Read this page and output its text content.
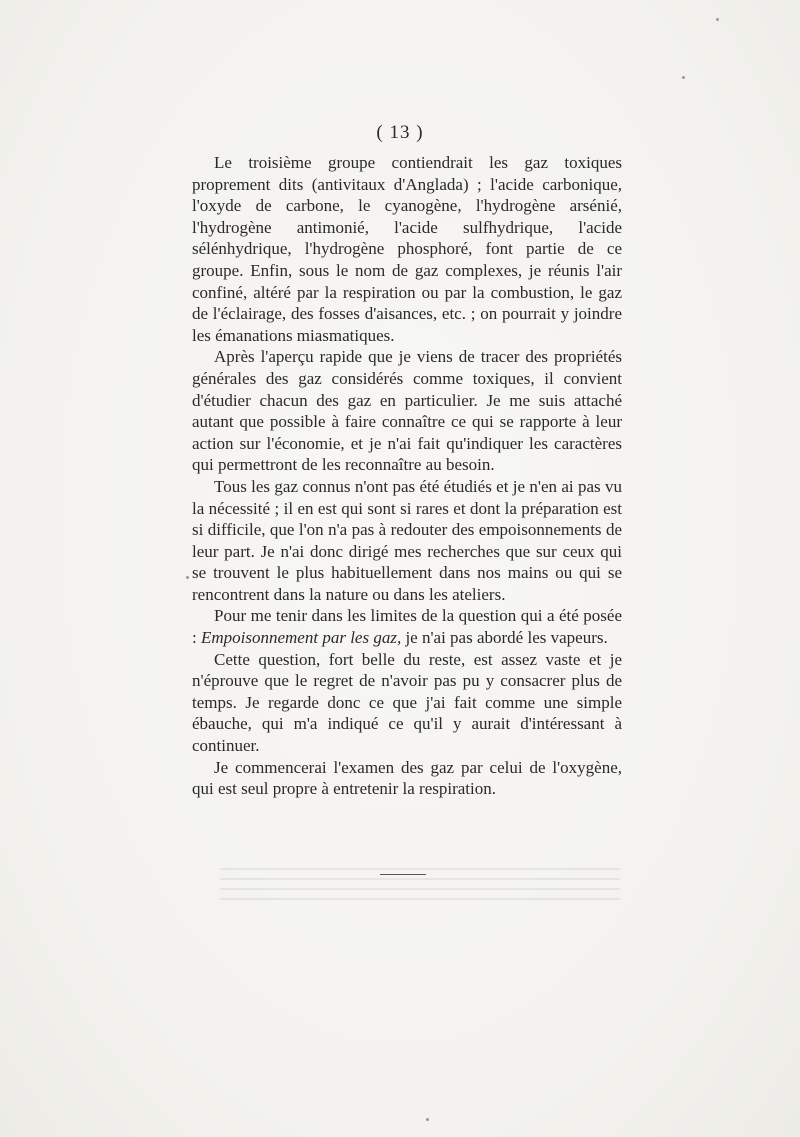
( 13 )

Le troisième groupe contiendrait les gaz toxiques proprement dits (antivitaux d'Anglada) ; l'acide carbonique, l'oxyde de carbone, le cyanogène, l'hydrogène arsénié, l'hydrogène antimonié, l'acide sulfhydrique, l'acide sélénhydrique, l'hydrogène phosphoré, font partie de ce groupe. Enfin, sous le nom de gaz complexes, je réunis l'air confiné, altéré par la respiration ou par la combustion, le gaz de l'éclairage, des fosses d'aisances, etc. ; on pourrait y joindre les émanations miasmatiques.

Après l'aperçu rapide que je viens de tracer des propriétés générales des gaz considérés comme toxiques, il convient d'étudier chacun des gaz en particulier. Je me suis attaché autant que possible à faire connaître ce qui se rapporte à leur action sur l'économie, et je n'ai fait qu'indiquer les caractères qui permettront de les reconnaître au besoin.

Tous les gaz connus n'ont pas été étudiés et je n'en ai pas vu la nécessité ; il en est qui sont si rares et dont la préparation est si difficile, que l'on n'a pas à redouter des empoisonnements de leur part. Je n'ai donc dirigé mes recherches que sur ceux qui se trouvent le plus habituellement dans nos mains ou qui se rencontrent dans la nature ou dans les ateliers.

Pour me tenir dans les limites de la question qui a été posée : Empoisonnement par les gaz, je n'ai pas abordé les vapeurs.

Cette question, fort belle du reste, est assez vaste et je n'éprouve que le regret de n'avoir pas pu y consacrer plus de temps. Je regarde donc ce que j'ai fait comme une simple ébauche, qui m'a indiqué ce qu'il y aurait d'intéressant à continuer.

Je commencerai l'examen des gaz par celui de l'oxygène, qui est seul propre à entretenir la respiration.
